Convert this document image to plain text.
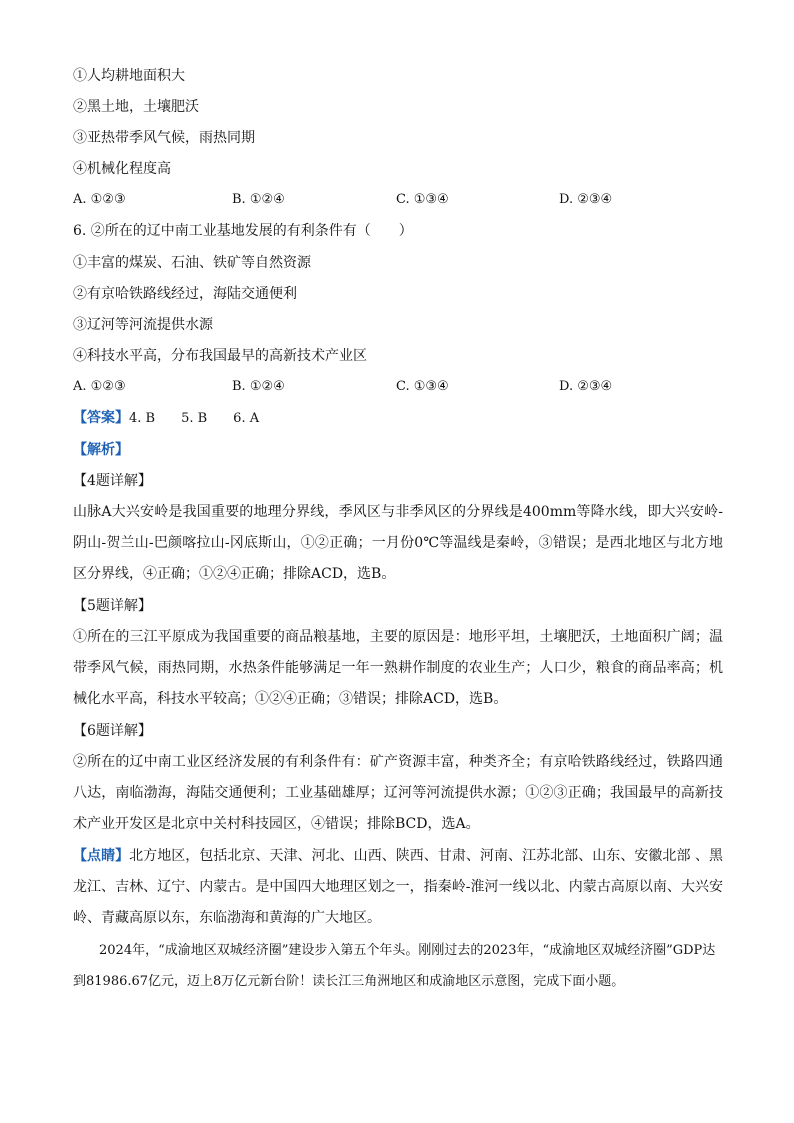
①人均耕地面积大
②黑土地，土壤肥沃
③亚热带季风气候，雨热同期
④机械化程度高
A. ①②③	B. ①②④	C. ①③④	D. ②③④
6. ②所在的辽中南工业基地发展的有利条件有（　　）
①丰富的煤炭、石油、铁矿等自然资源
②有京哈铁路线经过，海陆交通便利
③辽河等河流提供水源
④科技水平高，分布我国最早的高新技术产业区
A. ①②③	B. ①②④	C. ①③④	D. ②③④
【答案】4. B　　5. B　　6. A
【解析】
【4题详解】
山脉A大兴安岭是我国重要的地理分界线，季风区与非季风区的分界线是400mm等降水线，即大兴安岭-阴山-贺兰山-巴颜喀拉山-冈底斯山，①②正确；一月份0℃等温线是秦岭，③错误；是西北地区与北方地区分界线，④正确；①②④正确；排除ACD，选B。
【5题详解】
①所在的三江平原成为我国重要的商品粮基地，主要的原因是：地形平坦，土壤肥沃，土地面积广阔；温带季风气候，雨热同期，水热条件能够满足一年一熟耕作制度的农业生产；人口少，粮食的商品率高；机械化水平高，科技水平较高；①②④正确；③错误；排除ACD，选B。
【6题详解】
②所在的辽中南工业区经济发展的有利条件有：矿产资源丰富，种类齐全；有京哈铁路线经过，铁路四通八达，南临渤海，海陆交通便利；工业基础雄厚；辽河等河流提供水源；①②③正确；我国最早的高新技术产业开发区是北京中关村科技园区，④错误；排除BCD，选A。
【点睛】北方地区，包括北京、天津、河北、山西、陕西、甘肃、河南、江苏北部、山东、安徽北部 、黑龙江、吉林、辽宁、内蒙古。是中国四大地理区划之一，指秦岭-淮河一线以北、内蒙古高原以南、大兴安岭、青藏高原以东，东临渤海和黄海的广大地区。
2024年，“成渝地区双城经济圈”建设步入第五个年头。刚刚过去的2023年，“成渝地区双城经济圈”GDP达到81986.67亿元，迈上8万亿元新台阶！读长江三角洲地区和成渝地区示意图，完成下面小题。
